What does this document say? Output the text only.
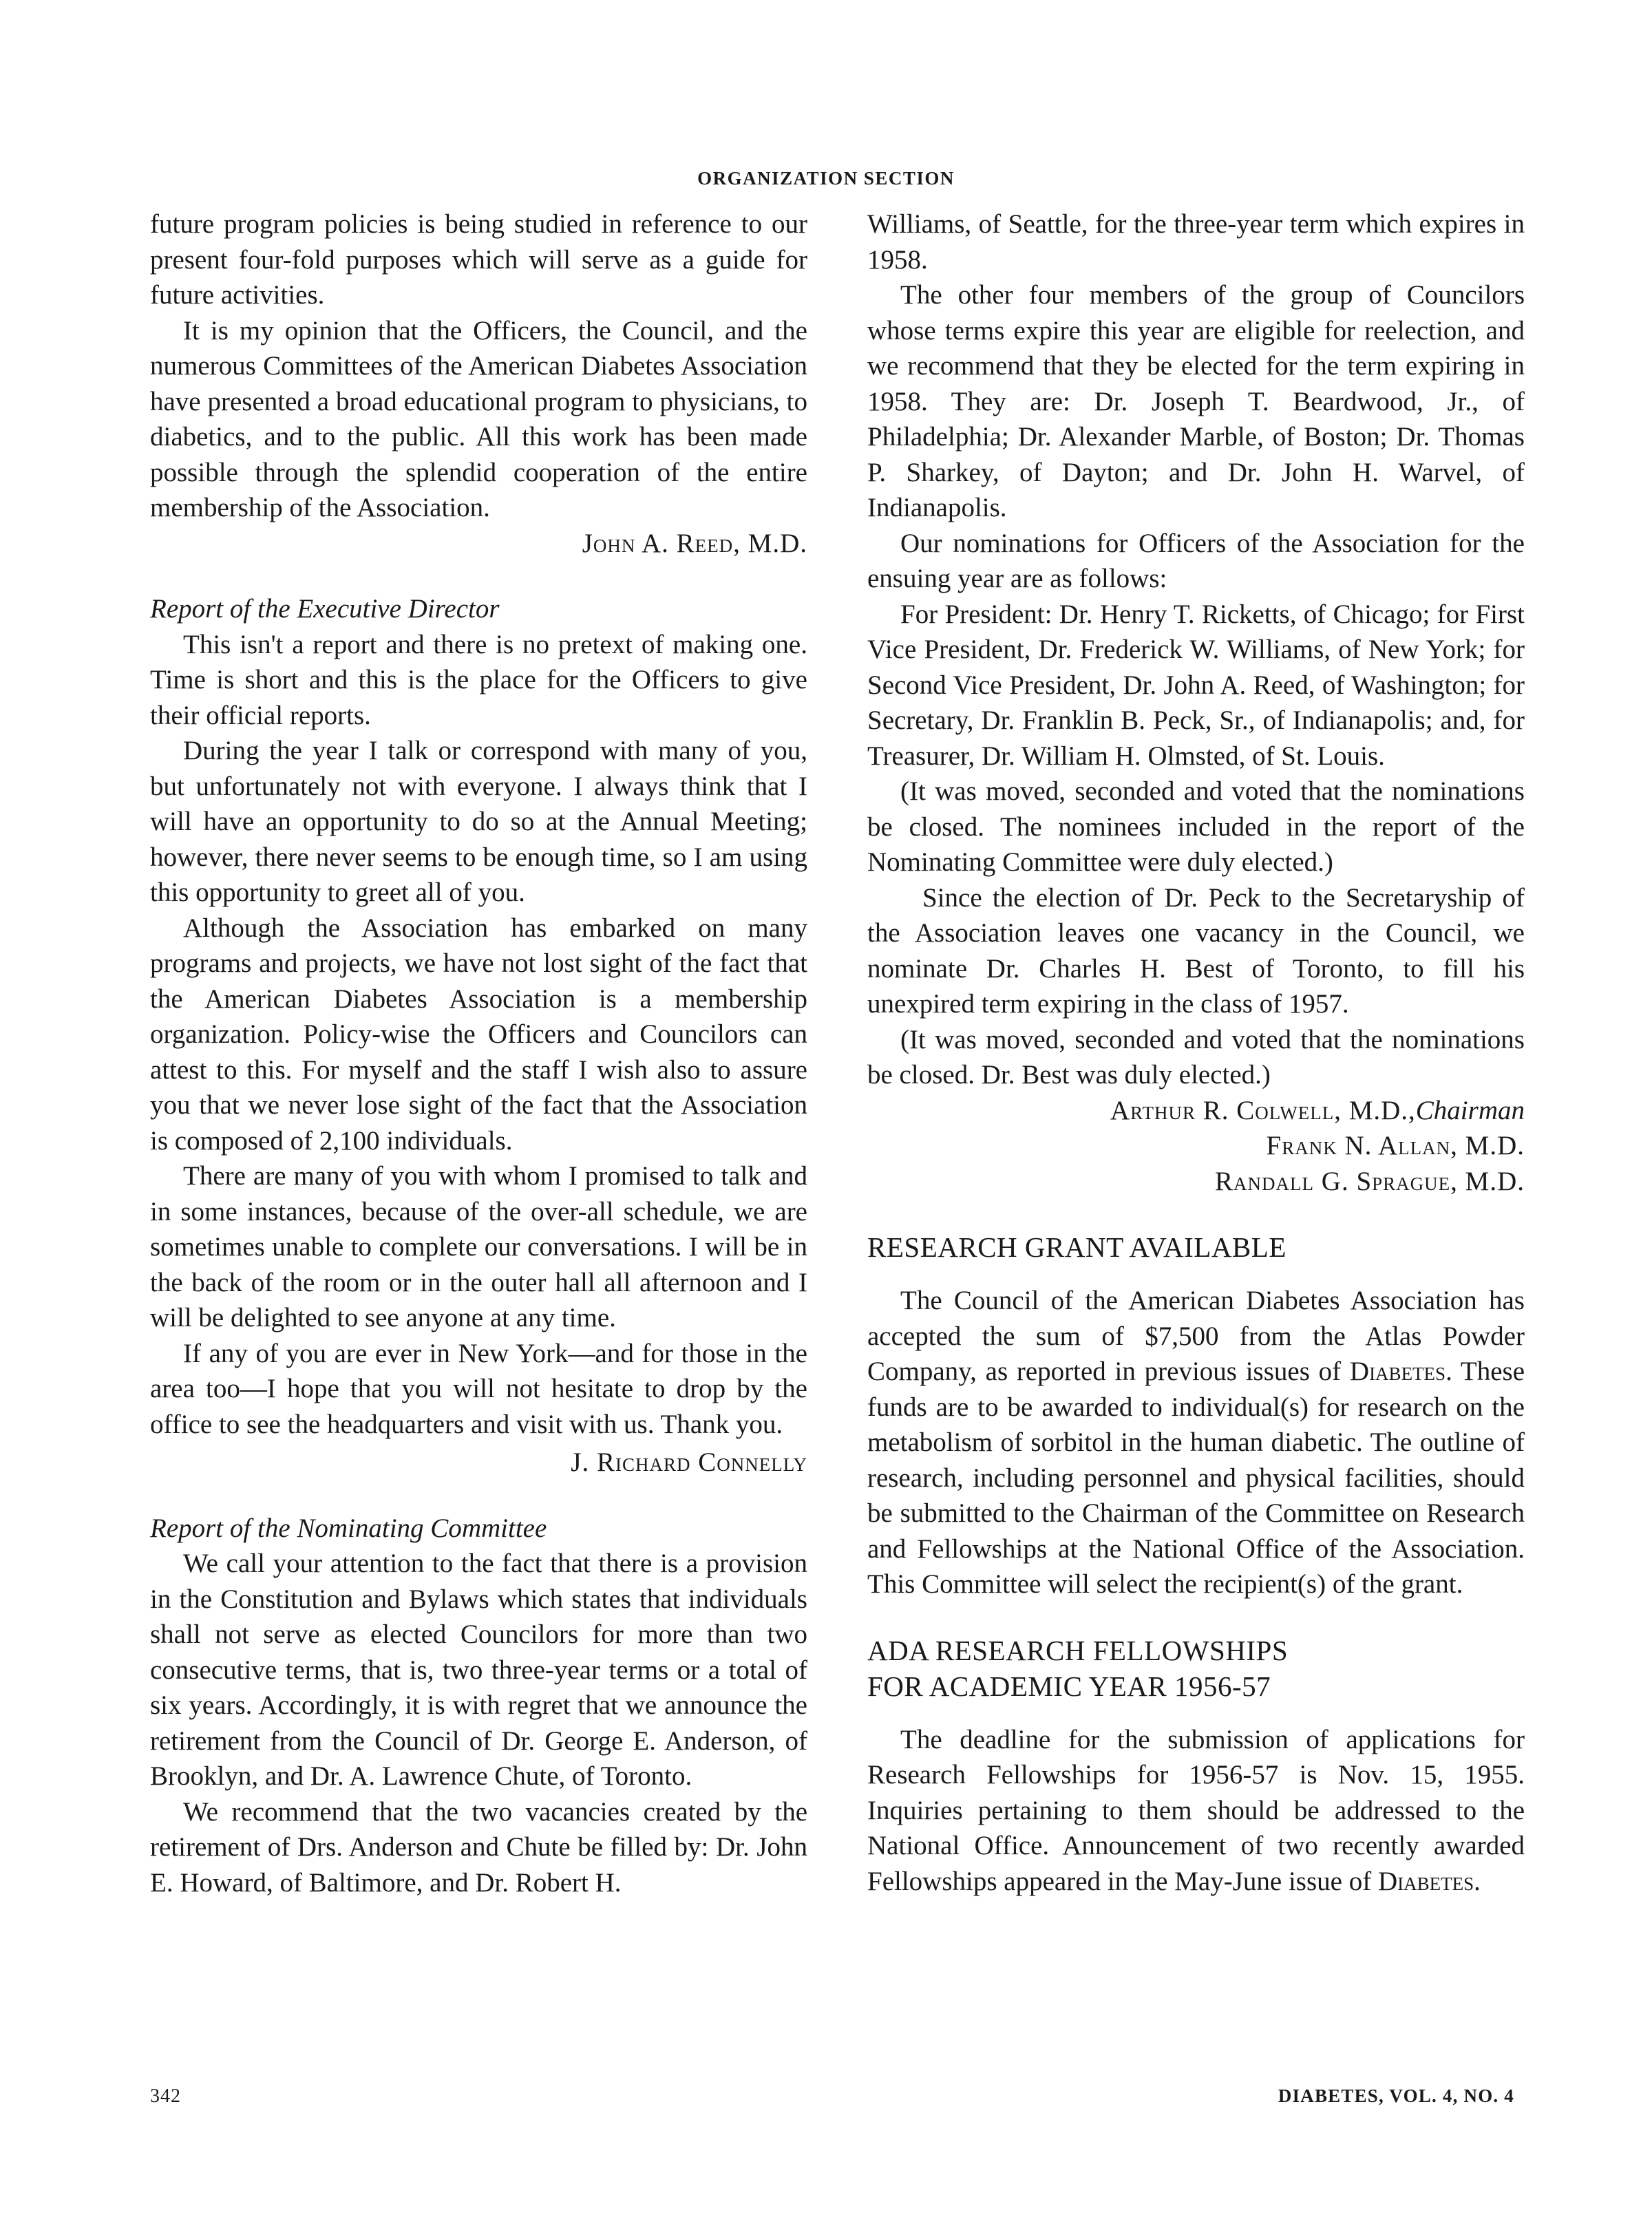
ORGANIZATION SECTION

future program policies is being studied in reference to our present four-fold purposes which will serve as a guide for future activities.

It is my opinion that the Officers, the Council, and the numerous Committees of the American Diabetes Association have presented a broad educational program to physicians, to diabetics, and to the public. All this work has been made possible through the splendid cooperation of the entire membership of the Association.

John A. Reed, M.D.

Report of the Executive Director

This isn't a report and there is no pretext of making one. Time is short and this is the place for the Officers to give their official reports.

During the year I talk or correspond with many of you, but unfortunately not with everyone. I always think that I will have an opportunity to do so at the Annual Meeting; however, there never seems to be enough time, so I am using this opportunity to greet all of you.

Although the Association has embarked on many programs and projects, we have not lost sight of the fact that the American Diabetes Association is a membership organization. Policy-wise the Officers and Councilors can attest to this. For myself and the staff I wish also to assure you that we never lose sight of the fact that the Association is composed of 2,100 individuals.

There are many of you with whom I promised to talk and in some instances, because of the over-all schedule, we are sometimes unable to complete our conversations. I will be in the back of the room or in the outer hall all afternoon and I will be delighted to see anyone at any time.

If any of you are ever in New York—and for those in the area too—I hope that you will not hesitate to drop by the office to see the headquarters and visit with us. Thank you.

J. Richard Connelly

Report of the Nominating Committee

We call your attention to the fact that there is a provision in the Constitution and Bylaws which states that individuals shall not serve as elected Councilors for more than two consecutive terms, that is, two three-year terms or a total of six years. Accordingly, it is with regret that we announce the retirement from the Council of Dr. George E. Anderson, of Brooklyn, and Dr. A. Lawrence Chute, of Toronto.

We recommend that the two vacancies created by the retirement of Drs. Anderson and Chute be filled by: Dr. John E. Howard, of Baltimore, and Dr. Robert H.

Williams, of Seattle, for the three-year term which expires in 1958.

The other four members of the group of Councilors whose terms expire this year are eligible for reelection, and we recommend that they be elected for the term expiring in 1958. They are: Dr. Joseph T. Beardwood, Jr., of Philadelphia; Dr. Alexander Marble, of Boston; Dr. Thomas P. Sharkey, of Dayton; and Dr. John H. Warvel, of Indianapolis.

Our nominations for Officers of the Association for the ensuing year are as follows:

For President: Dr. Henry T. Ricketts, of Chicago; for First Vice President, Dr. Frederick W. Williams, of New York; for Second Vice President, Dr. John A. Reed, of Washington; for Secretary, Dr. Franklin B. Peck, Sr., of Indianapolis; and, for Treasurer, Dr. William H. Olmsted, of St. Louis.

(It was moved, seconded and voted that the nominations be closed. The nominees included in the report of the Nominating Committee were duly elected.)

Since the election of Dr. Peck to the Secretaryship of the Association leaves one vacancy in the Council, we nominate Dr. Charles H. Best of Toronto, to fill his unexpired term expiring in the class of 1957.

(It was moved, seconded and voted that the nominations be closed. Dr. Best was duly elected.)

Arthur R. Colwell, M.D.,Chairman
Frank N. Allan, M.D.
Randall G. Sprague, M.D.
RESEARCH GRANT AVAILABLE

The Council of the American Diabetes Association has accepted the sum of $7,500 from the Atlas Powder Company, as reported in previous issues of Diabetes. These funds are to be awarded to individual(s) for research on the metabolism of sorbitol in the human diabetic. The outline of research, including personnel and physical facilities, should be submitted to the Chairman of the Committee on Research and Fellowships at the National Office of the Association. This Committee will select the recipient(s) of the grant.

ADA RESEARCH FELLOWSHIPS
FOR ACADEMIC YEAR 1956-57

The deadline for the submission of applications for Research Fellowships for 1956-57 is Nov. 15, 1955. Inquiries pertaining to them should be addressed to the National Office. Announcement of two recently awarded Fellowships appeared in the May-June issue of Diabetes.

342	DIABETES, VOL. 4, NO. 4
